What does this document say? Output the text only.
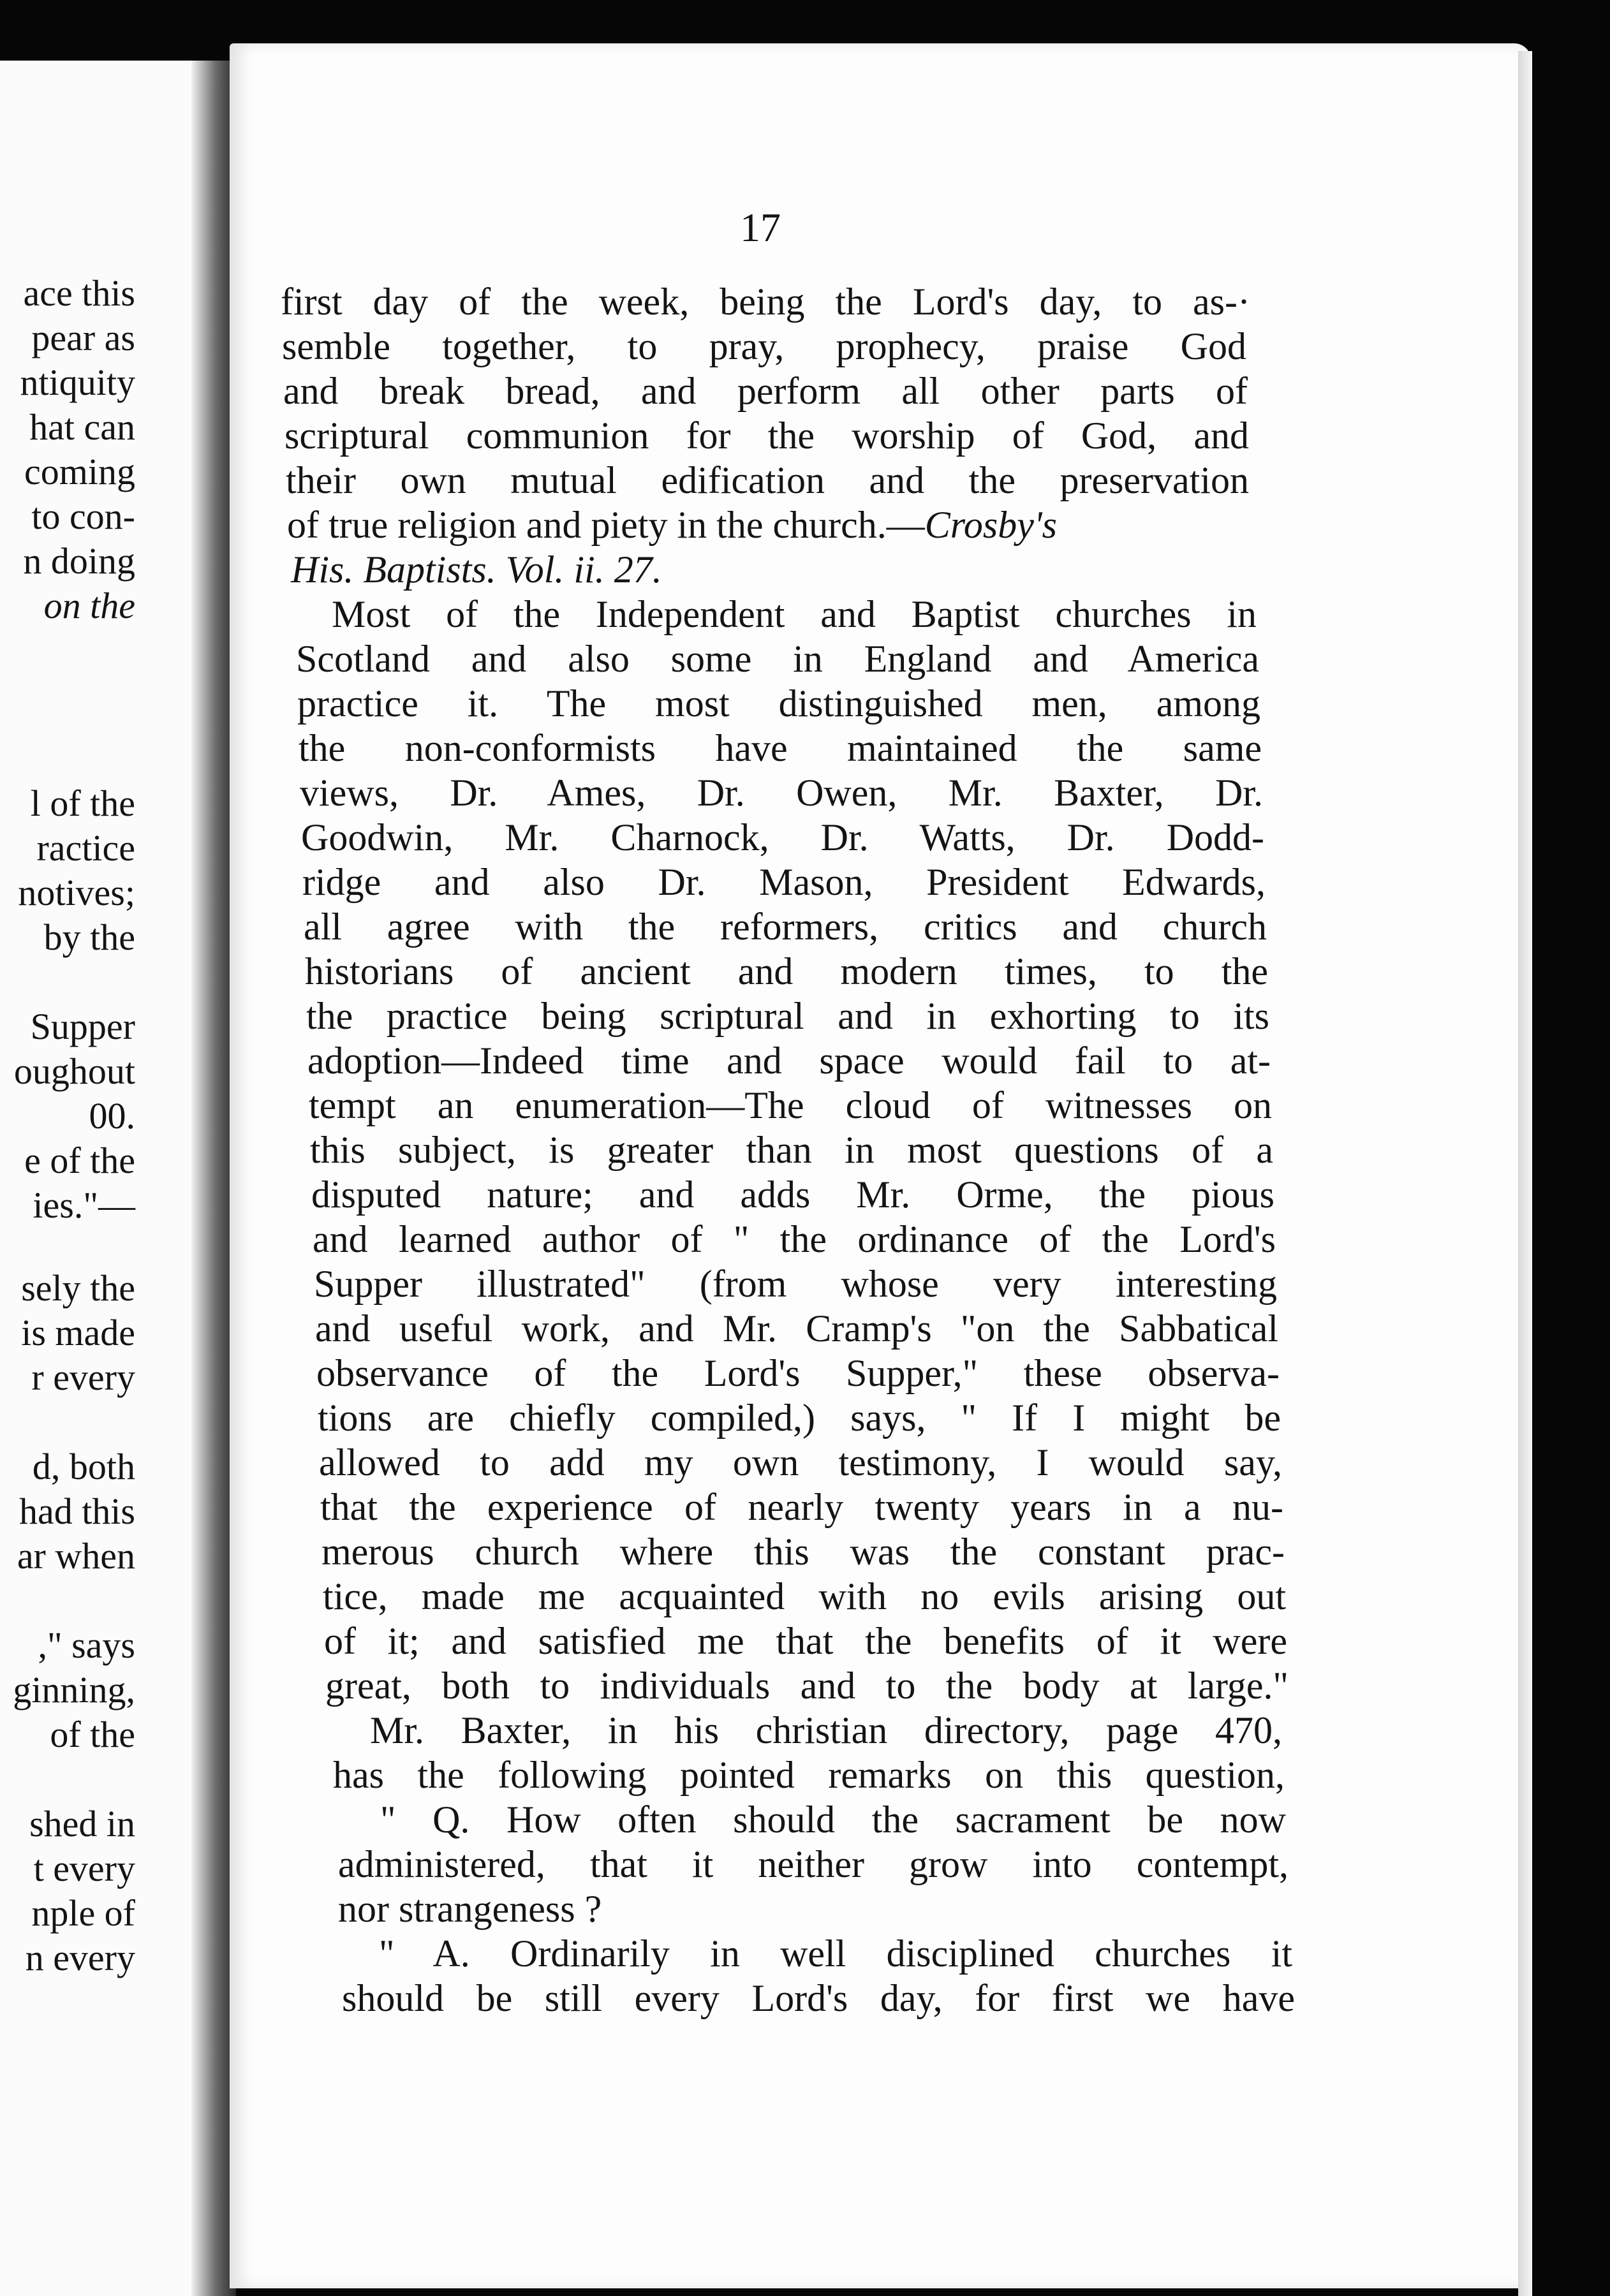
ace this
pear as
ntiquity
hat can
coming
to con-
n doing
on the
l of the
ractice
notives;
by the
Supper
oughout
00.
e of the
ies."—
sely the
is made
r every
d, both
had this
ar when
," says
ginning,
of the
shed in
t every
nple of
n every
17
first day of the week, being the Lord's day, to as-·
semble together, to pray, prophecy, praise God
and break bread, and perform all other parts of
scriptural communion for the worship of God, and
their own mutual edification and the preservation
of true religion and piety in the church.—Crosby's
His. Baptists. Vol. ii. 27.
Most of the Independent and Baptist churches in
Scotland and also some in England and America
practice it. The most distinguished men, among
the non-conformists have maintained the same
views, Dr. Ames, Dr. Owen, Mr. Baxter, Dr.
Goodwin, Mr. Charnock, Dr. Watts, Dr. Dodd-
ridge and also Dr. Mason, President Edwards,
all agree with the reformers, critics and church
historians of ancient and modern times, to the
the practice being scriptural and in exhorting to its
adoption—Indeed time and space would fail to at-
tempt an enumeration—The cloud of witnesses on
this subject, is greater than in most questions of a
disputed nature; and adds Mr. Orme, the pious
and learned author of " the ordinance of the Lord's
Supper illustrated" (from whose very interesting
and useful work, and Mr. Cramp's "on the Sabbatical
observance of the Lord's Supper," these observa-
tions are chiefly compiled,) says, " If I might be
allowed to add my own testimony, I would say,
that the experience of nearly twenty years in a nu-
merous church where this was the constant prac-
tice, made me acquainted with no evils arising out
of it; and satisfied me that the benefits of it were
great, both to individuals and to the body at large."
Mr. Baxter, in his christian directory, page 470,
has the following pointed remarks on this question,
" Q. How often should the sacrament be now
administered, that it neither grow into contempt,
nor strangeness ?
" A. Ordinarily in well disciplined churches it
should be still every Lord's day, for first we have
